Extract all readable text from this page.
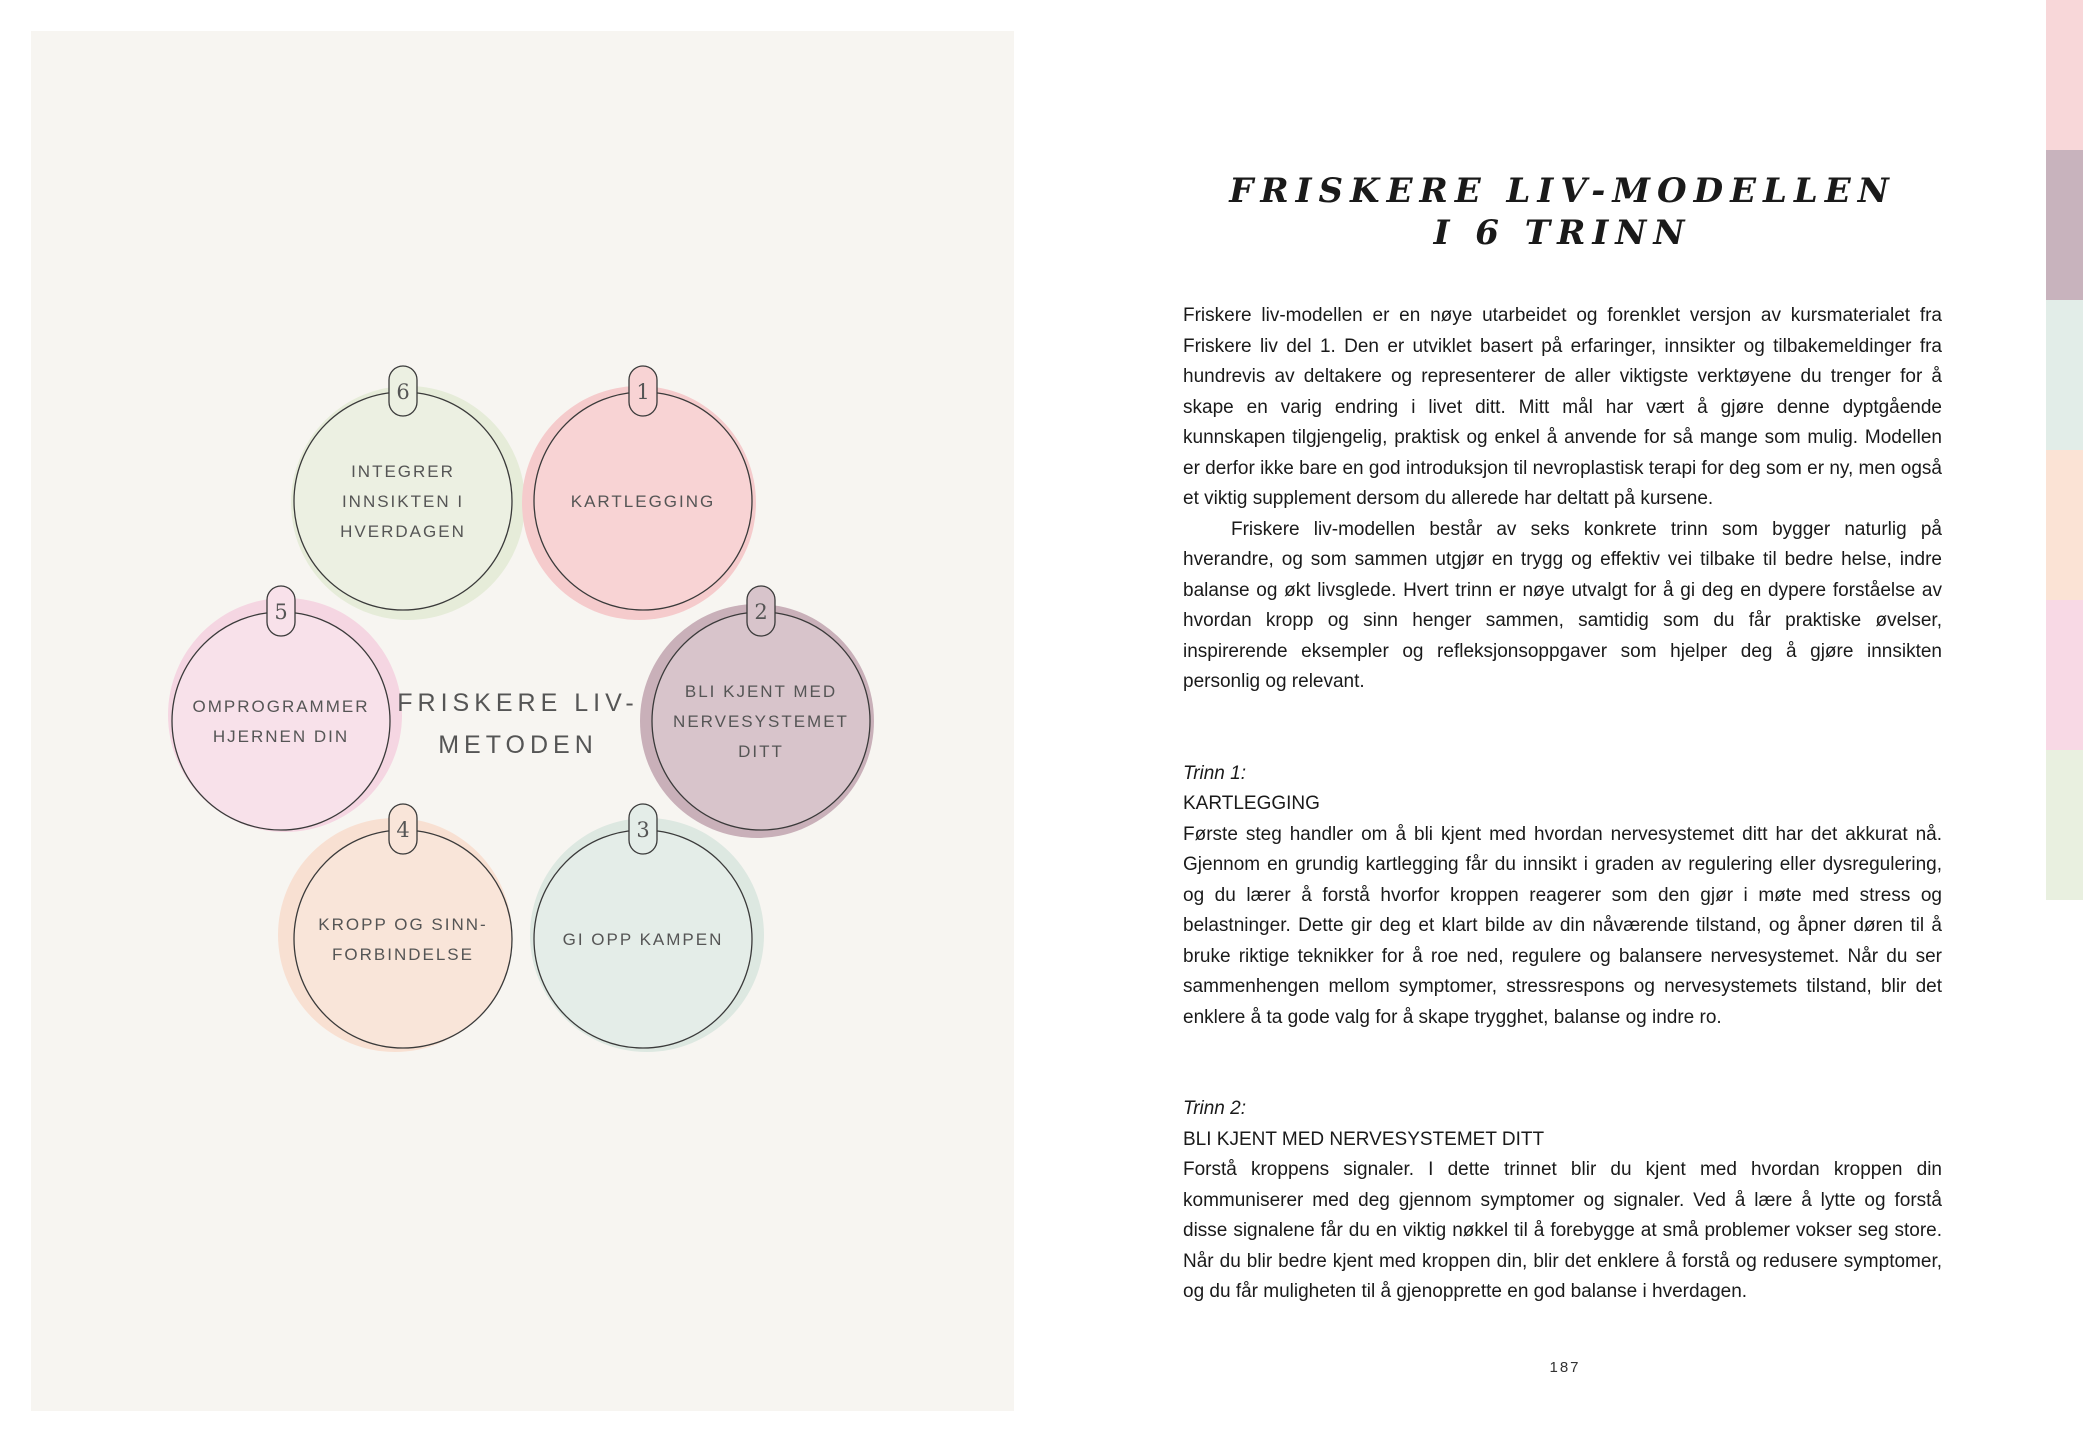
6
INTEGRER
INNSIKTEN I
HVERDAGEN
5
OMPROGRAMMER
HJERNEN DIN
4
KROPP OG SINN-
FORBINDELSE
3
GI OPP KAMPEN
2
BLI KJENT MED
NERVESYSTEMET
DITT
1
KARTLEGGING
FRISKERE LIV-
METODEN
FRISKERE LIV-MODELLEN
I 6 TRINN

Friskere liv-modellen er en nøye utarbeidet og forenklet versjon av kursmaterialet fra Friskere liv del 1. Den er utviklet basert på erfaringer, innsikter og tilbakemeldinger fra hundrevis av deltakere og representerer de aller viktigste verktøyene du trenger for å skape en varig endring i livet ditt. Mitt mål har vært å gjøre denne dyptgående kunnskapen tilgjengelig, praktisk og enkel å anvende for så mange som mulig. Modellen er derfor ikke bare en god introduksjon til nevroplastisk terapi for deg som er ny, men også et viktig supplement dersom du allerede har deltatt på kursene.

Friskere liv-modellen består av seks konkrete trinn som bygger naturlig på hverandre, og som sammen utgjør en trygg og effektiv vei tilbake til bedre helse, indre balanse og økt livsglede. Hvert trinn er nøye utvalgt for å gi deg en dypere forståelse av hvordan kropp og sinn henger sammen, samtidig som du får praktiske øvelser, inspirerende eksempler og refleksjonsoppgaver som hjelper deg å gjøre innsikten personlig og relevant.

Trinn 1:
KARTLEGGING

Første steg handler om å bli kjent med hvordan nervesystemet ditt har det akkurat nå. Gjennom en grundig kartlegging får du innsikt i graden av regulering eller dysregulering, og du lærer å forstå hvorfor kroppen reagerer som den gjør i møte med stress og belastninger. Dette gir deg et klart bilde av din nåværende tilstand, og åpner døren til å bruke riktige teknikker for å roe ned, regulere og balansere nervesystemet. Når du ser sammenhengen mellom symptomer, stressrespons og nervesystemets tilstand, blir det enklere å ta gode valg for å skape trygghet, balanse og indre ro.

Trinn 2:
BLI KJENT MED NERVESYSTEMET DITT

Forstå kroppens signaler. I dette trinnet blir du kjent med hvordan kroppen din kommuniserer med deg gjennom symptomer og signaler. Ved å lære å lytte og forstå disse signalene får du en viktig nøkkel til å forebygge at små problemer vokser seg store. Når du blir bedre kjent med kroppen din, blir det enklere å forstå og redusere symptomer, og du får muligheten til å gjenopprette en god balanse i hverdagen.

187
